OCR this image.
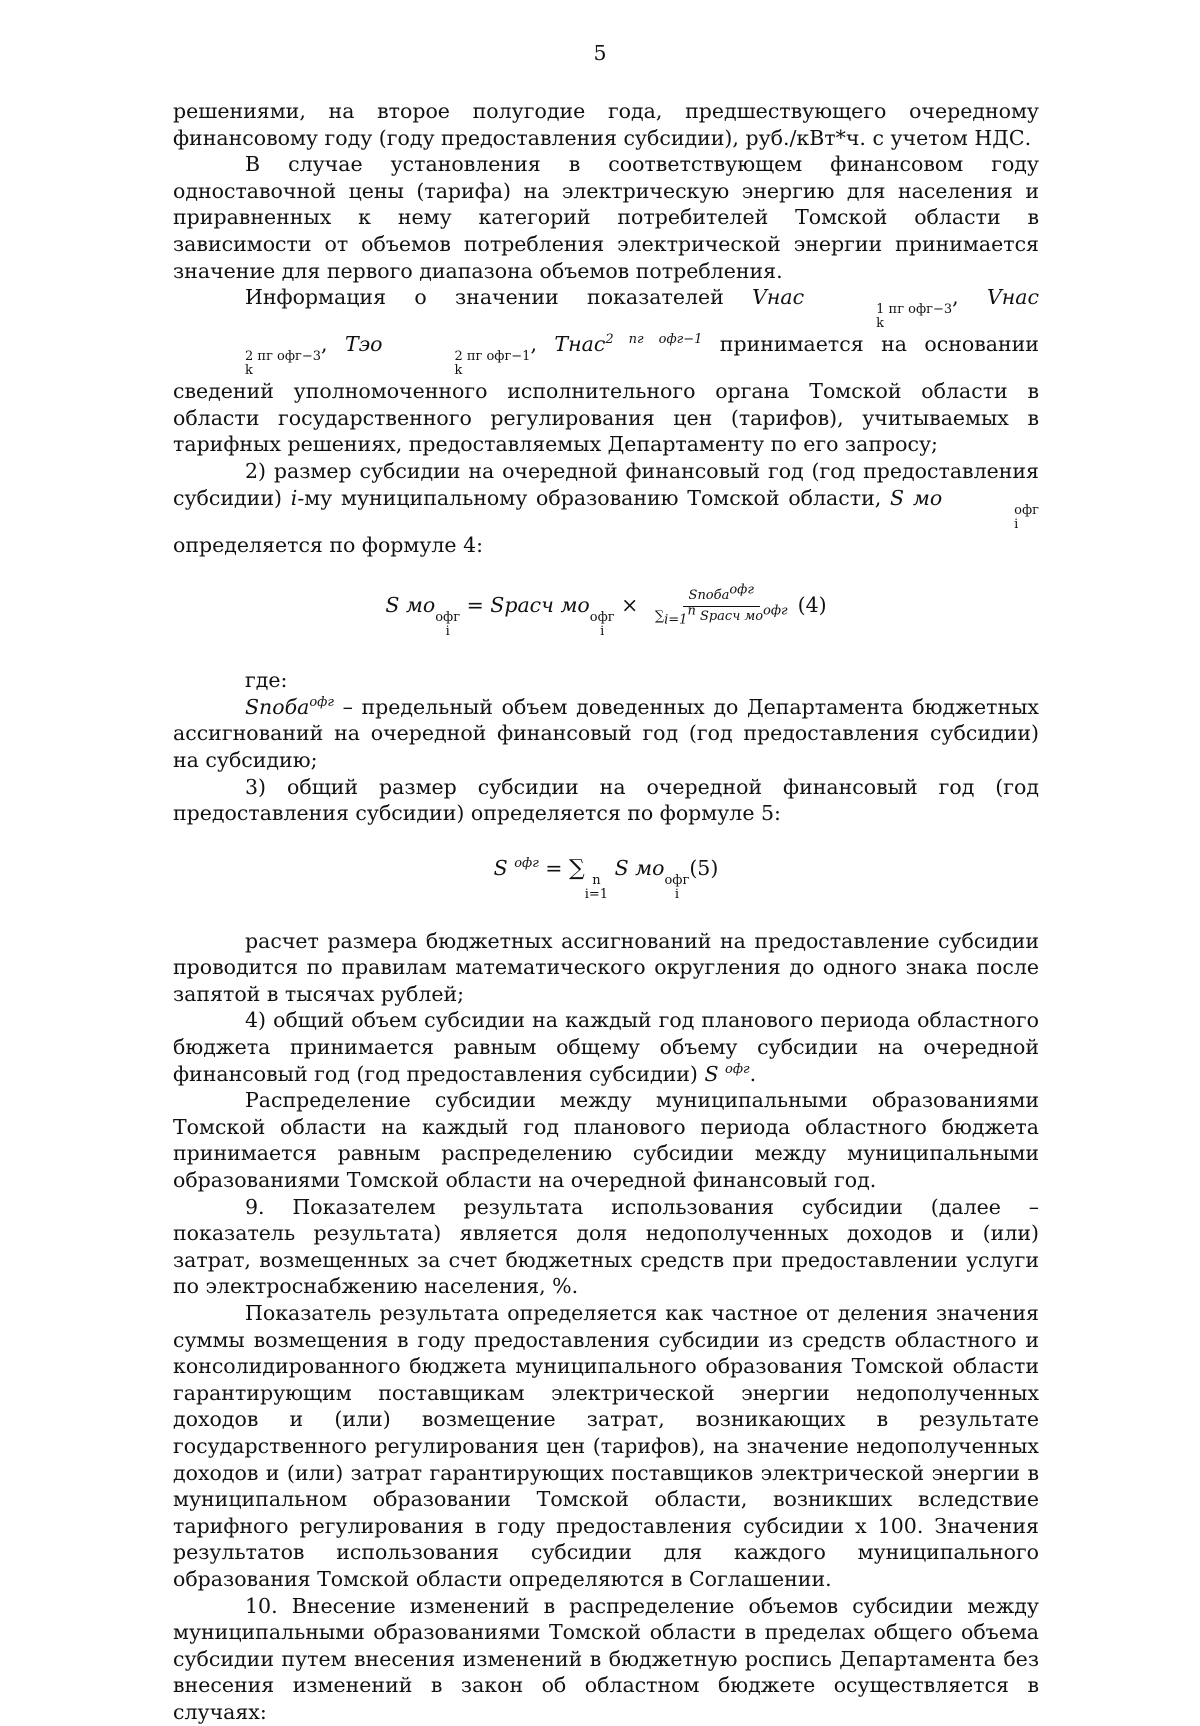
5

решениями, на второе полугодие года, предшествующего очередному финансовому году (году предоставления субсидии), руб./кВт*ч. с учетом НДС.

В случае установления в соответствующем финансовом году одноставочной цены (тарифа) на электрическую энергию для населения и приравненных к нему категорий потребителей Томской области в зависимости от объемов потребления электрической энергии принимается значение для первого диапазона объемов потребления.

Информация о значении показателей Vнас
1 пг офг−3
k
, Vнас
2 пг офг−3
k
, Tэо
2 пг офг−1
k
, Tнас$^{2 пг офг-1}$ принимается на основании сведений уполномоченного исполнительного органа Томской области в области государственного регулирования цен (тарифов), учитываемых в тарифных решениях, предоставляемых Департаменту по его запросу;

2) размер субсидии на очередной финансовый год (год предоставления субсидии) i-му муниципальному образованию Томской области, S мо
офг
i
определяется по формуле 4:

S мо
офг
i
= Sрасч мо
офг
i
× $\frac{Sпоба^{офг}}{\sum_{i=1}^n Sрасч мо^{офг}} (4)$

где:

Sпоба$^{офг}$ – предельный объем доведенных до Департамента бюджетных ассигнований на очередной финансовый год (год предоставления субсидии) на субсидию;

3) общий размер субсидии на очередной финансовый год (год предоставления субсидии) определяется по формуле 5:

S $^{офг}$ = ∑ n
i=1
S мо
офг
i
(5)

расчет размера бюджетных ассигнований на предоставление субсидии проводится по правилам математического округления до одного знака после запятой в тысячах рублей;

4) общий объем субсидии на каждый год планового периода областного бюджета принимается равным общему объему субсидии на очередной финансовый год (год предоставления субсидии) S $^{офг}$.

Распределение субсидии между муниципальными образованиями Томской области на каждый год планового периода областного бюджета принимается равным распределению субсидии между муниципальными образованиями Томской области на очередной финансовый год.

9. Показателем результата использования субсидии (далее – показатель результата) является доля недополученных доходов и (или) затрат, возмещенных за счет бюджетных средств при предоставлении услуги по электроснабжению населения, %.

Показатель результата определяется как частное от деления значения суммы возмещения в году предоставления субсидии из средств областного и консолидированного бюджета муниципального образования Томской области гарантирующим поставщикам электрической энергии недополученных доходов и (или) возмещение затрат, возникающих в результате государственного регулирования цен (тарифов), на значение недополученных доходов и (или) затрат гарантирующих поставщиков электрической энергии в муниципальном образовании Томской области, возникших вследствие тарифного регулирования в году предоставления субсидии x 100. Значения результатов использования субсидии для каждого муниципального образования Томской области определяются в Соглашении.

10. Внесение изменений в распределение объемов субсидии между муниципальными образованиями Томской области в пределах общего объема субсидии путем внесения изменений в бюджетную роспись Департамента без внесения изменений в закон об областном бюджете осуществляется в случаях:
